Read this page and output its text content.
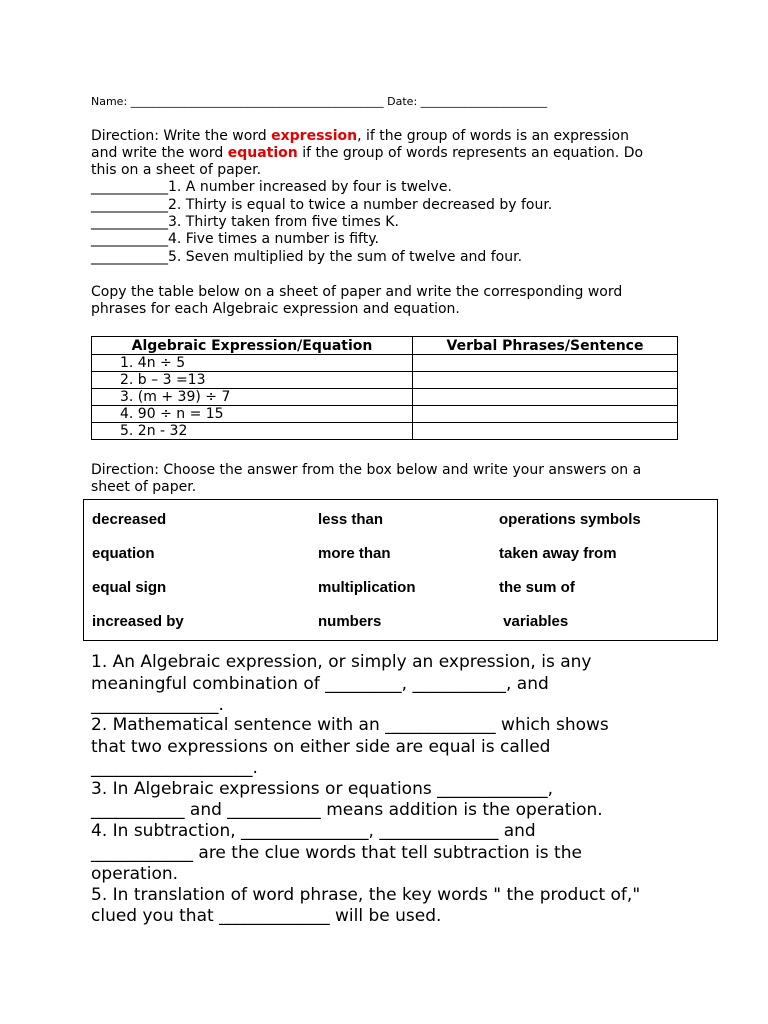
Name: ______________________________________________ Date: _______________________
Direction: Write the word expression, if the group of words is an expression
and write the word equation if the group of words represents an equation. Do
this on a sheet of paper.
___________1. A number increased by four is twelve.
___________2. Thirty is equal to twice a number decreased by four.
___________3. Thirty taken from five times K.
___________4. Five times a number is fifty.
___________5. Seven multiplied by the sum of twelve and four.
Copy the table below on a sheet of paper and write the corresponding word
phrases for each Algebraic expression and equation.
Algebraic Expression/Equation	Verbal Phrases/Sentence
1. 4n ÷ 5	
2. b – 3 =13	
3. (m + 39) ÷ 7	
4. 90 ÷ n = 15	
5. 2n - 32	
Direction: Choose the answer from the box below and write your answers on a
sheet of paper.
decreased	less than	operations symbols
equation	more than	taken away from
equal sign	multiplication	the sum of
increased by	numbers	variables
1. An Algebraic expression, or simply an expression, is any
meaningful combination of _________, ___________, and
_______________.
2. Mathematical sentence with an _____________ which shows
that two expressions on either side are equal is called
___________________.
3. In Algebraic expressions or equations _____________,
___________ and ___________ means addition is the operation.
4. In subtraction, _______________, ______________ and
____________ are the clue words that tell subtraction is the
operation.
5. In translation of word phrase, the key words " the product of,"
clued you that _____________ will be used.
